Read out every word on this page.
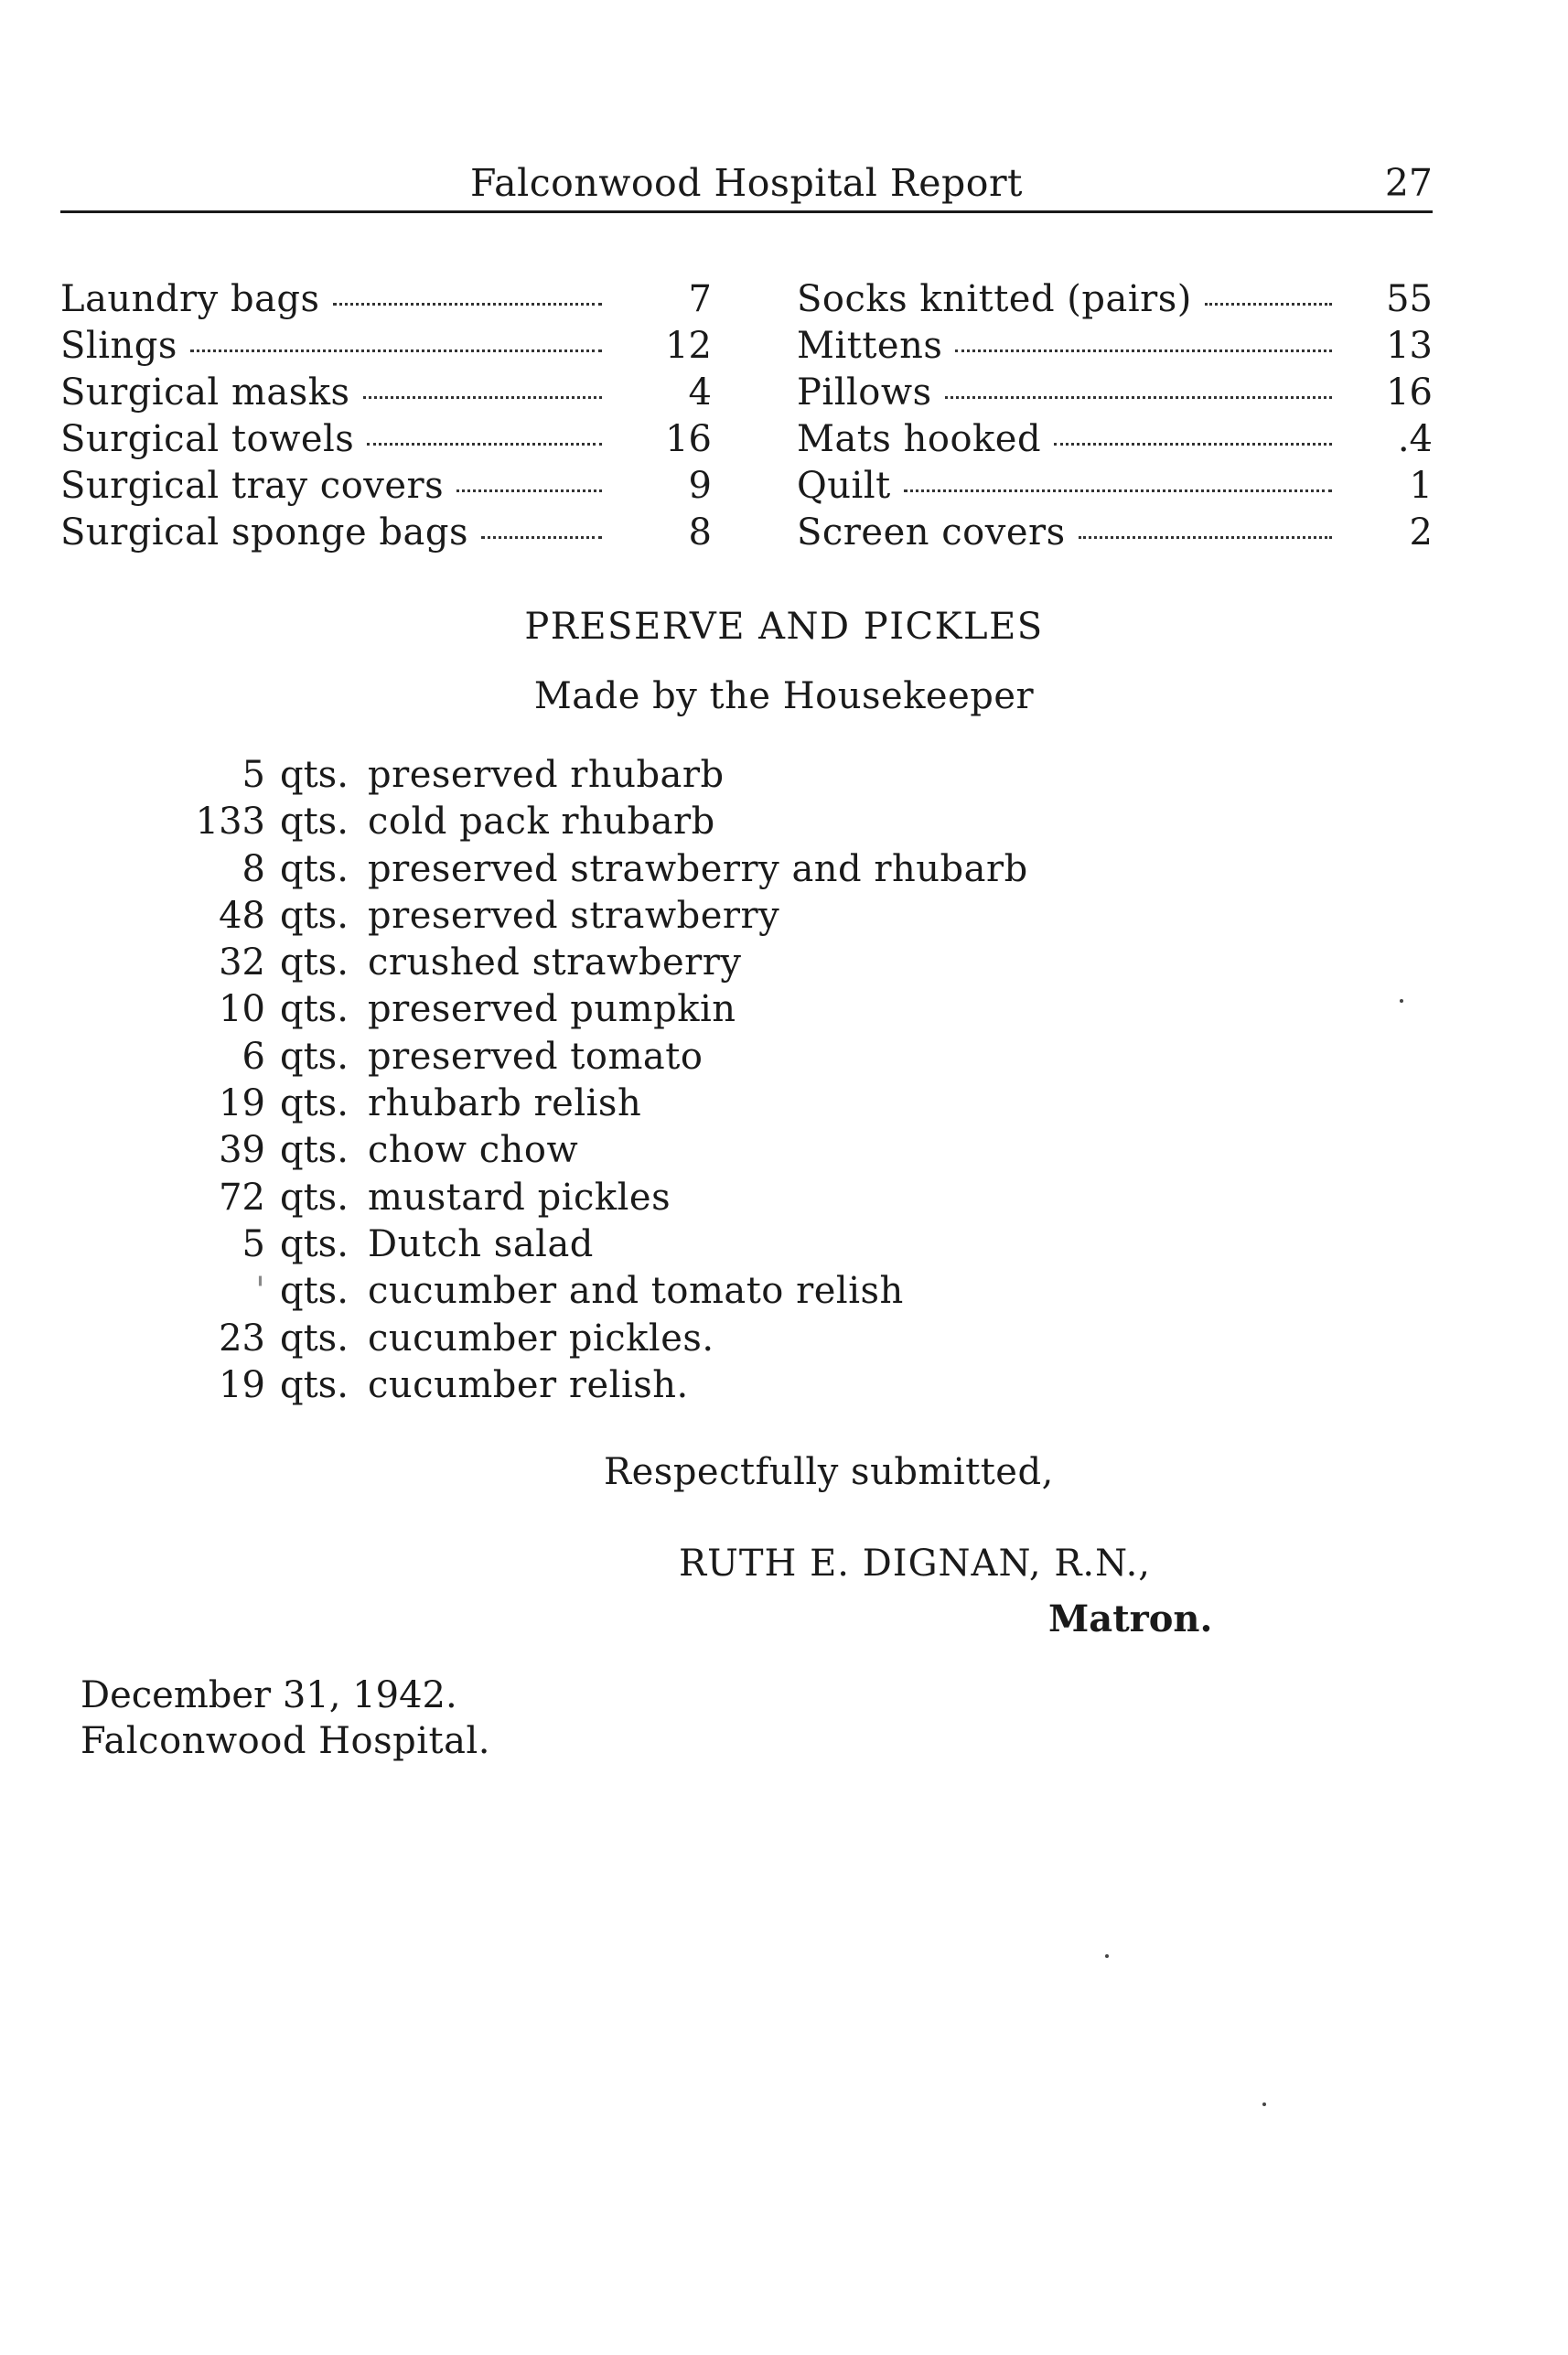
Falconwood Hospital Report	27
Laundry bags	7
Slings	12
Surgical masks	4
Surgical towels	16
Surgical tray covers	9
Surgical sponge bags	8
Socks knitted (pairs)	55
Mittens	13
Pillows	16
Mats hooked	.4
Quilt	1
Screen covers	2
PRESERVE AND PICKLES
Made by the Housekeeper
5 qts. preserved rhubarb
133 qts. cold pack rhubarb
8 qts. preserved strawberry and rhubarb
48 qts. preserved strawberry
32 qts. crushed strawberry
10 qts. preserved pumpkin
6 qts. preserved tomato
19 qts. rhubarb relish
39 qts. chow chow
72 qts. mustard pickles
5 qts. Dutch salad
' qts. cucumber and tomato relish
23 qts. cucumber pickles.
19 qts. cucumber relish.
Respectfully submitted,
RUTH E. DIGNAN, R.N.,
Matron.
December 31, 1942.
Falconwood Hospital.
